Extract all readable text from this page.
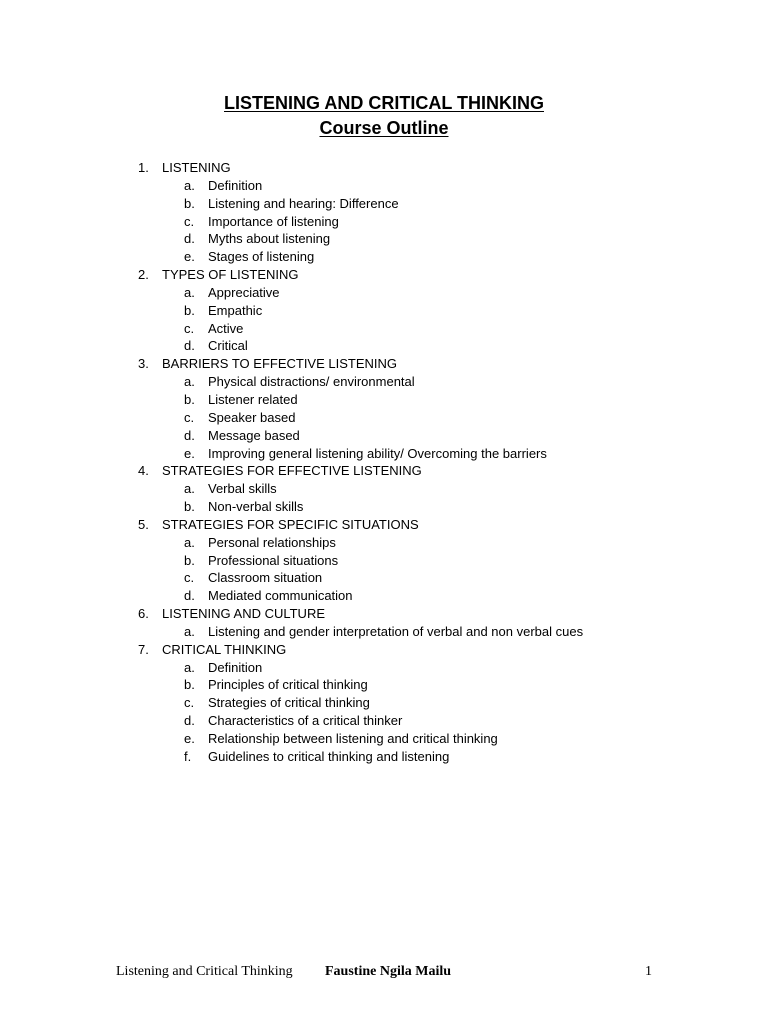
LISTENING AND CRITICAL THINKING
Course Outline
1.	LISTENING
a.	Definition
b.	Listening and hearing: Difference
c.	Importance of listening
d.	Myths about listening
e.	Stages of listening
2.	TYPES OF LISTENING
a.	Appreciative
b.	Empathic
c.	Active
d.	Critical
3.	BARRIERS TO EFFECTIVE LISTENING
a.	Physical distractions/ environmental
b.	Listener related
c.	Speaker based
d.	Message based
e.	Improving general listening ability/ Overcoming the barriers
4.	STRATEGIES FOR EFFECTIVE LISTENING
a.	Verbal skills
b.	Non-verbal skills
5.	STRATEGIES FOR SPECIFIC SITUATIONS
a.	Personal relationships
b.	Professional situations
c.	Classroom situation
d.	Mediated communication
6.	LISTENING AND CULTURE
a.	Listening and gender interpretation of verbal and non verbal cues
7.	CRITICAL THINKING
a.	Definition
b.	Principles of critical thinking
c.	Strategies of critical thinking
d.	Characteristics of a critical thinker
e.	Relationship between listening and critical thinking
f.	Guidelines to critical thinking and listening
Listening and Critical Thinking Faustine Ngila Mailu	1
